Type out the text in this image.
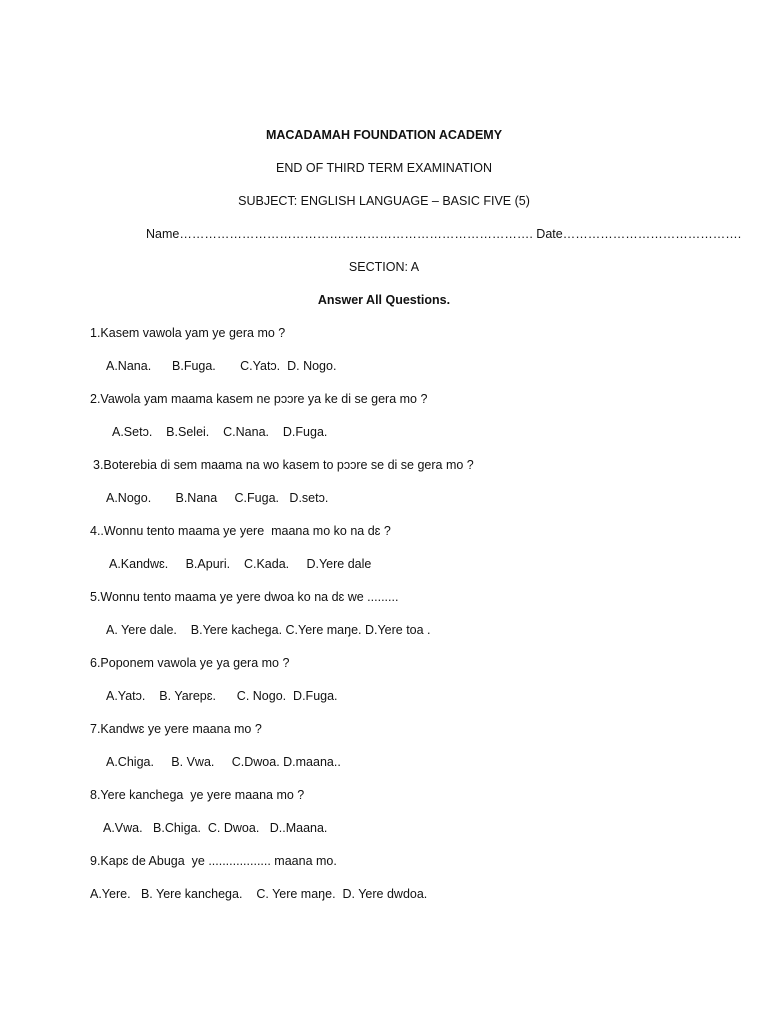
MACADAMAH FOUNDATION ACADEMY
END OF THIRD TERM EXAMINATION
SUBJECT: ENGLISH LANGUAGE – BASIC FIVE (5)
Name…………………………………………………………………………. Date…………………………………….
SECTION: A
Answer All Questions.
1.Kasem vawola yam ye gera mo ?
A.Nana.      B.Fuga.       C.Yatɔ.  D. Nogo.
2.Vawola yam maama kasem ne pɔɔre ya ke di se gera mo ?
A.Setɔ.    B.Selei.    C.Nana.    D.Fuga.
3.Boterebia di sem maama na wo kasem to pɔɔre se di se gera mo ?
A.Nogo.       B.Nana     C.Fuga.   D.setɔ.
4..Wonnu tento maama ye yere  maana mo ko na dɛ ?
A.Kandwɛ.     B.Apuri.    C.Kada.     D.Yere dale
5.Wonnu tento maama ye yere dwoa ko na dɛ we .........
A. Yere dale.    B.Yere kachega. C.Yere maŋe. D.Yere toa .
6.Poponem vawola ye ya gera mo ?
A.Yatɔ.    B. Yarepɛ.      C. Nogo.  D.Fuga.
7.Kandwɛ ye yere maana mo ?
A.Chiga.     B. Vwa.     C.Dwoa. D.maana..
8.Yere kanchega  ye yere maana mo ?
A.Vwa.   B.Chiga.  C. Dwoa.   D..Maana.
9.Kapɛ de Abuga  ye .................. maana mo.
A.Yere.   B. Yere kanchega.    C. Yere maŋe.  D. Yere dwdoa.
